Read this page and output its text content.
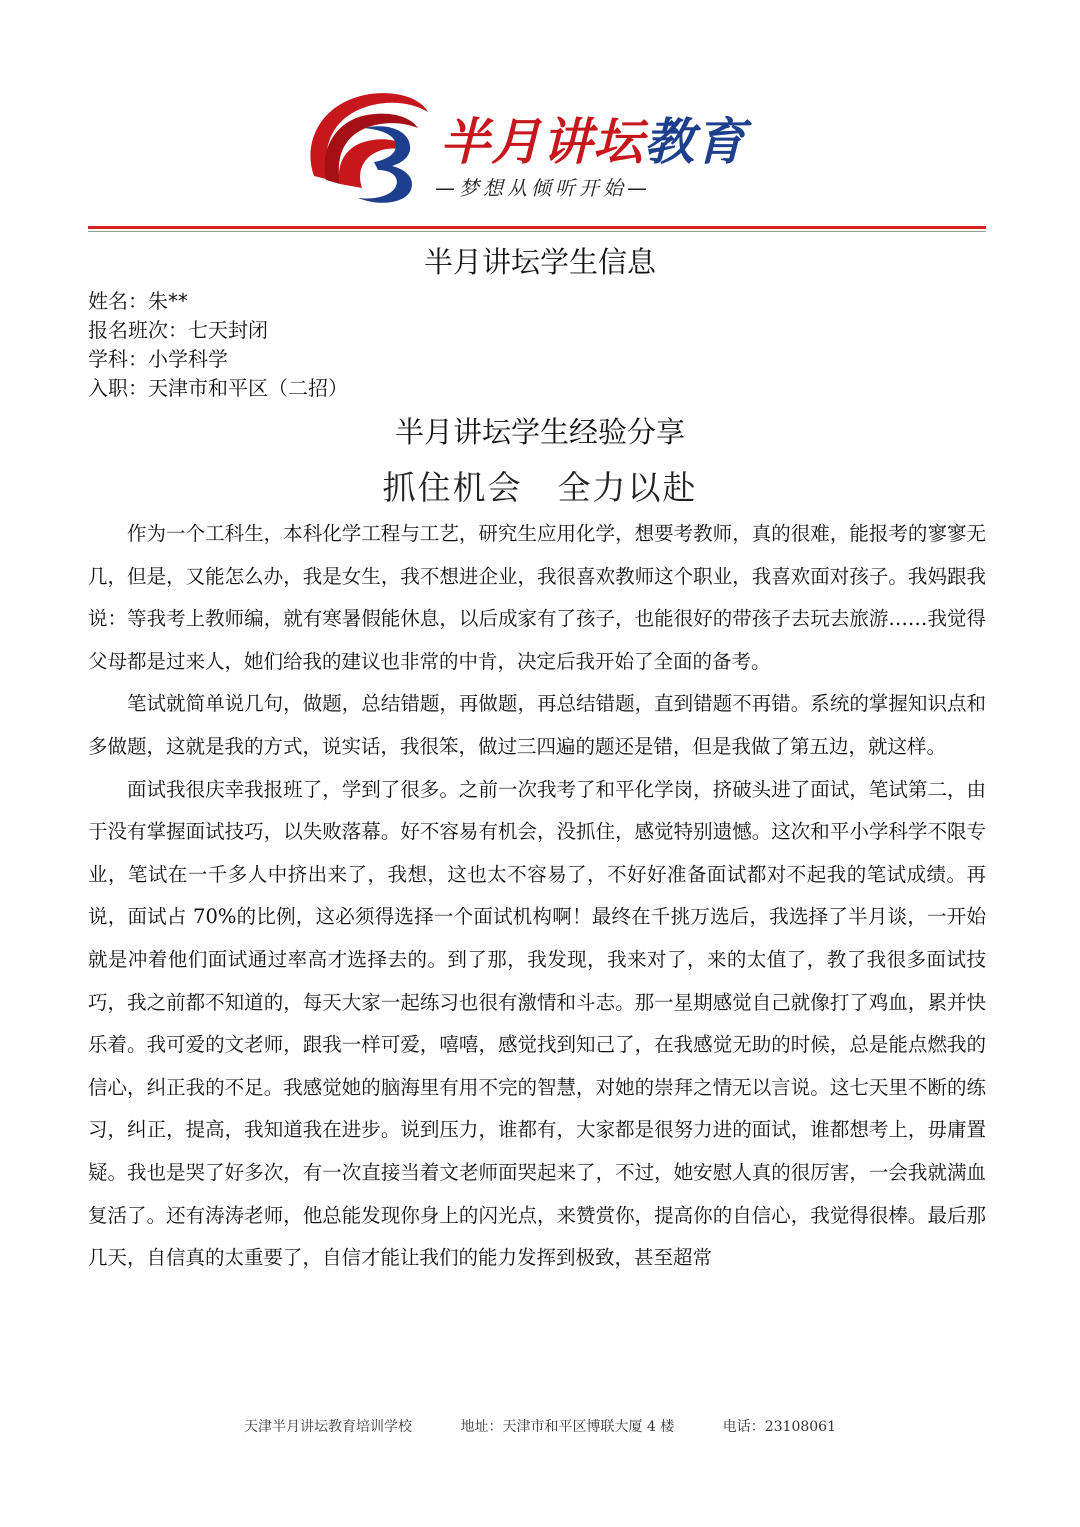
半月讲坛教育
—梦想从倾听开始—
半月讲坛学生信息
姓名：朱**
报名班次：七天封闭
学科：小学科学
入职：天津市和平区（二招）
半月讲坛学生经验分享
抓住机会　全力以赴

作为一个工科生，本科化学工程与工艺，研究生应用化学，想要考教师，真的很难，能报考的寥寥无几，但是，又能怎么办，我是女生，我不想进企业，我很喜欢教师这个职业，我喜欢面对孩子。我妈跟我说：等我考上教师编，就有寒暑假能休息，以后成家有了孩子，也能很好的带孩子去玩去旅游……我觉得父母都是过来人，她们给我的建议也非常的中肯，决定后我开始了全面的备考。

笔试就简单说几句，做题，总结错题，再做题，再总结错题，直到错题不再错。系统的掌握知识点和多做题，这就是我的方式，说实话，我很笨，做过三四遍的题还是错，但是我做了第五边，就这样。

面试我很庆幸我报班了，学到了很多。之前一次我考了和平化学岗，挤破头进了面试，笔试第二，由于没有掌握面试技巧，以失败落幕。好不容易有机会，没抓住，感觉特别遗憾。这次和平小学科学不限专业，笔试在一千多人中挤出来了，我想，这也太不容易了，不好好准备面试都对不起我的笔试成绩。再说，面试占 70%的比例，这必须得选择一个面试机构啊！最终在千挑万选后，我选择了半月谈，一开始就是冲着他们面试通过率高才选择去的。到了那，我发现，我来对了，来的太值了，教了我很多面试技巧，我之前都不知道的，每天大家一起练习也很有激情和斗志。那一星期感觉自己就像打了鸡血，累并快乐着。我可爱的文老师，跟我一样可爱，嘻嘻，感觉找到知己了，在我感觉无助的时候，总是能点燃我的信心，纠正我的不足。我感觉她的脑海里有用不完的智慧，对她的崇拜之情无以言说。这七天里不断的练习，纠正，提高，我知道我在进步。说到压力，谁都有，大家都是很努力进的面试，谁都想考上，毋庸置疑。我也是哭了好多次，有一次直接当着文老师面哭起来了，不过，她安慰人真的很厉害，一会我就满血复活了。还有涛涛老师，他总能发现你身上的闪光点，来赞赏你，提高你的自信心，我觉得很棒。最后那几天，自信真的太重要了，自信才能让我们的能力发挥到极致，甚至超常

天津半月讲坛教育培训学校	地址：天津市和平区博联大厦 4 楼	电话：23108061
